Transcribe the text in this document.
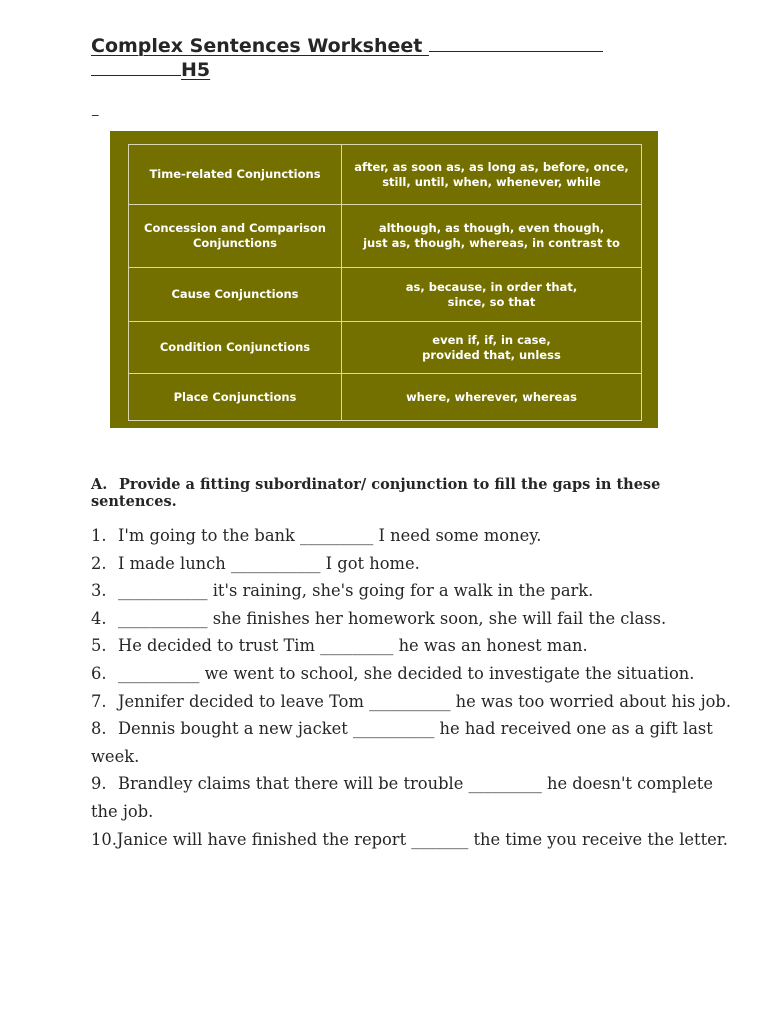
Complex Sentences Worksheet
H5
_
Time-related Conjunctions	after, as soon as, as long as, before, once,
still, until, when, whenever, while
Concession and Comparison
Conjunctions	although, as though, even though,
just as, though, whereas, in contrast to
Cause Conjunctions	as, because, in order that,
since, so that
Condition Conjunctions	even if, if, in case,
provided that, unless
Place Conjunctions	where, wherever, whereas
A. Provide a fitting subordinator/ conjunction to fill the gaps in these sentences.
1. I'm going to the bank _________ I need some money.
2. I made lunch ___________ I got home.
3. ___________ it's raining, she's going for a walk in the park.
4. ___________ she finishes her homework soon, she will fail the class.
5. He decided to trust Tim _________ he was an honest man.
6. __________ we went to school, she decided to investigate the situation.
7. Jennifer decided to leave Tom __________ he was too worried about his job.
8. Dennis bought a new jacket __________ he had received one as a gift last week.
9. Brandley claims that there will be trouble _________ he doesn't complete the job.
10.Janice will have finished the report _______ the time you receive the letter.
